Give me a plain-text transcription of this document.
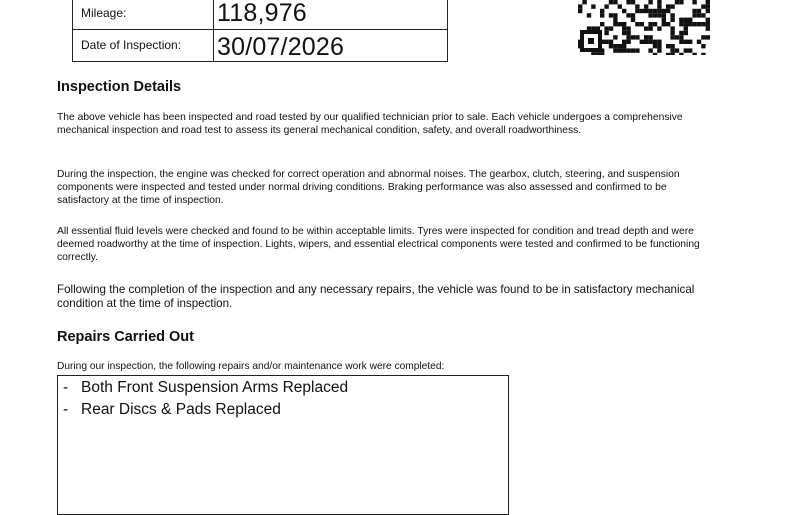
Mileage:	118,976
Date of Inspection: 30/07/2026
Inspection Details

The above vehicle has been inspected and road tested by our qualified technician prior to sale. Each vehicle undergoes a comprehensive mechanical inspection and road test to assess its general mechanical condition, safety, and overall roadworthiness.

During the inspection, the engine was checked for correct operation and abnormal noises. The gearbox, clutch, steering, and suspension components were inspected and tested under normal driving conditions. Braking performance was also assessed and confirmed to be satisfactory at the time of inspection.

All essential fluid levels were checked and found to be within acceptable limits. Tyres were inspected for condition and tread depth and were deemed roadworthy at the time of inspection. Lights, wipers, and essential electrical components were tested and confirmed to be functioning correctly.

Following the completion of the inspection and any necessary repairs, the vehicle was found to be in satisfactory mechanical condition at the time of inspection.

Repairs Carried Out
During our inspection, the following repairs and/or maintenance work were completed:
- Both Front Suspension Arms Replaced
- Rear Discs & Pads Replaced
